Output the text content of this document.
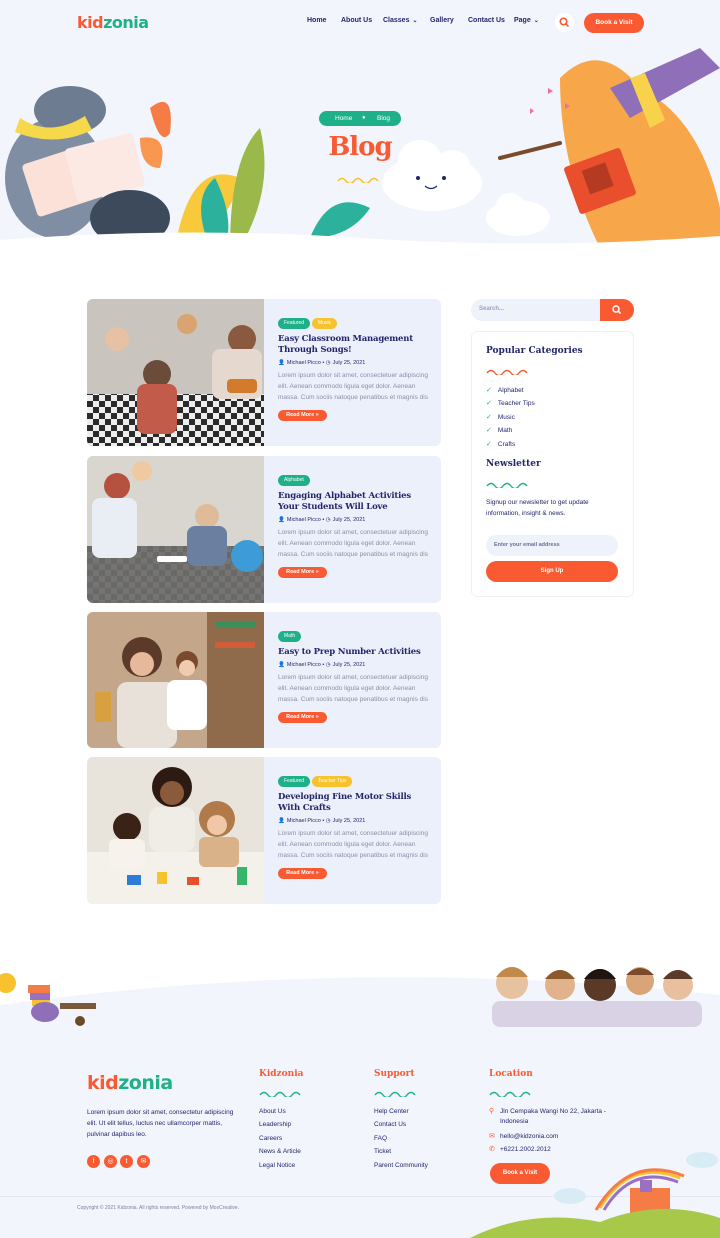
kidzonia	Home About Us Classes ⌄ Gallery Contact Us Page ⌄	Book a Visit
Home ● Blog
Blog
Featured	Music
Easy Classroom Management Through Songs!
👤 Michael Picco • ◷ July 25, 2021
Lorem ipsum dolor sit amet, consectetuer adipiscing elit. Aenean commodo ligula eget dolor. Aenean massa. Cum sociis natoque penatibus et magnis dis
Read More »
Alphabet
Engaging Alphabet Activities Your Students Will Love
👤 Michael Picco • ◷ July 25, 2021
Lorem ipsum dolor sit amet, consectetuer adipiscing elit. Aenean commodo ligula eget dolor. Aenean massa. Cum sociis natoque penatibus et magnis dis
Read More »
Math
Easy to Prep Number Activities
👤 Michael Picco • ◷ July 25, 2021
Lorem ipsum dolor sit amet, consectetuer adipiscing elit. Aenean commodo ligula eget dolor. Aenean massa. Cum sociis natoque penatibus et magnis dis
Read More »
Featured	Teacher Tips
Developing Fine Motor Skills With Crafts
👤 Michael Picco • ◷ July 25, 2021
Lorem ipsum dolor sit amet, consectetuer adipiscing elit. Aenean commodo ligula eget dolor. Aenean massa. Cum sociis natoque penatibus et magnis dis
Read More »
Search...
Popular Categories
✓ Alphabet
✓ Teacher Tips
✓ Music
✓ Math
✓ Crafts
Newsletter
Signup our newsletter to get update information, insight & news.
Enter your email address
Sign Up
kidzonia
Lorem ipsum dolor sit amet, consectetur adipiscing elit. Ut elit tellus, luctus nec ullamcorper mattis, pulvinar dapibus leo.
f	◎	t	✉
Kidzonia
About Us
Leadership
Careers
News & Article
Legal Notice
Support
Help Center
Contact Us
FAQ
Ticket
Parent Community
Location
⚲ Jln Cempaka Wangi No 22, Jakarta - Indonesia
✉ hello@kidzonia.com
✆ +6221.2002.2012
Book a Visit
Copyright © 2021 Kidzonia. All rights reserved. Powered by MoxCreative.
